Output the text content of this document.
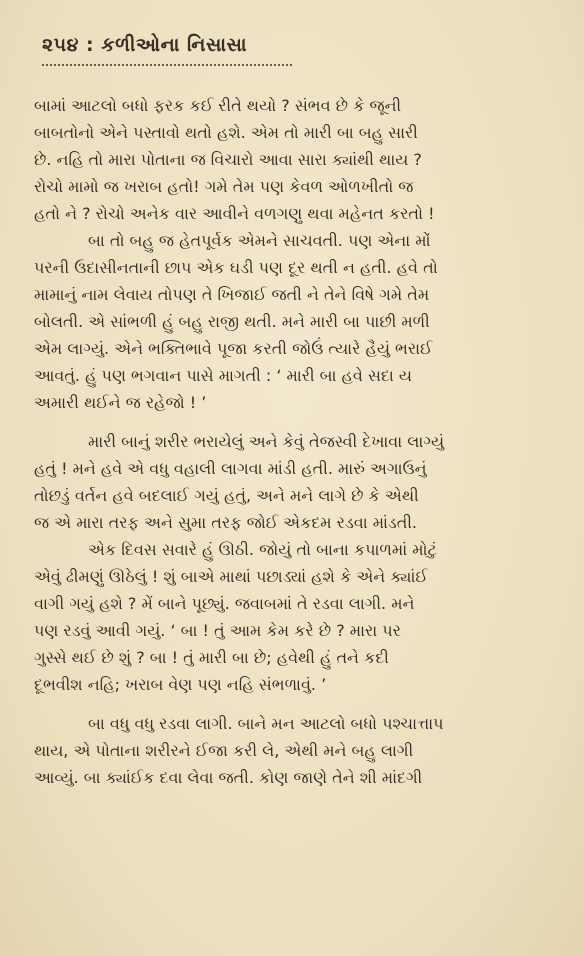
૨૫૪ : કળીઓના નિસાસા
બામાં આટલો બધો ફરક કઈ રીતે થયો ? સંભવ છે કે જૂની
બાબતોનો એને પસ્તાવો થતો હશે. એમ તો મારી બા બહુ સારી
છે. નહિ તો મારા પોતાના જ વિચારો આવા સારા ક્યાંથી થાય ?
રોચો મામો જ ખરાબ હતો! ગમે તેમ પણ કેવળ ઓળખીતો જ
હતો ને ? રોચો અનેક વાર આવીને વળગણુ થવા મહેનત કરતો !
બા તો બહુ જ હેતપૂર્વક એમને સાચવતી. પણ એના મોં
પરની ઉદાસીનતાની છાપ એક ઘડી પણ દૂર થતી ન હતી. હવે તો
મામાનું નામ લેવાય તોપણ તે ખિજાઈ જતી ને તેને વિષે ગમે તેમ
બોલતી. એ સાંભળી હું બહુ રાજી થતી. મને મારી બા પાછી મળી
એમ લાગ્યું. એને ભક્તિભાવે પૂજા કરતી જોઉં ત્યારે હૈયું ભરાઈ
આવતું. હું પણ ભગવાન પાસે માગતી : ‘ મારી બા હવે સદા ય
અમારી થઈને જ રહેજો ! ’
મારી બાનું શરીર ભરાયેલું અને કેવું તેજસ્વી દેખાવા લાગ્યું
હતું ! મને હવે એ વધુ વહાલી લાગવા માંડી હતી. મારું અગાઉનું
તોછડું વર્તન હવે બદલાઈ ગયું હતું, અને મને લાગે છે કે એથી
જ એ મારા તરફ અને સુમા તરફ જોઈ એકદમ રડવા માંડતી.
એક દિવસ સવારે હું ઊઠી. જોયું તો બાના કપાળમાં મોટું
એવું ઢીમણું ઊઠેલું ! શું બાએ માથાં પછાડ્યાં હશે કે એને ક્યાંઈ
વાગી ગયું હશે ? મેં બાને પૂછ્યું. જવાબમાં તે રડવા લાગી. મને
પણ રડવું આવી ગયું. ‘ બા ! તું આમ કેમ કરે છે ? મારા પર
ગુસ્સે થઈ છે શું ? બા ! તું મારી બા છે; હવેથી હું તને કદી
દૂભવીશ નહિ; ખરાબ વેણ પણ નહિ સંભળાવું. ’
બા વધુ વધુ રડવા લાગી. બાને મન આટલો બધો પશ્ચાત્તાપ
થાય, એ પોતાના શરીરને ઈજા કરી લે, એથી મને બહુ લાગી
આવ્યું. બા ક્યાંઈક દવા લેવા જતી. કોણ જાણે તેને શી માંદગી
